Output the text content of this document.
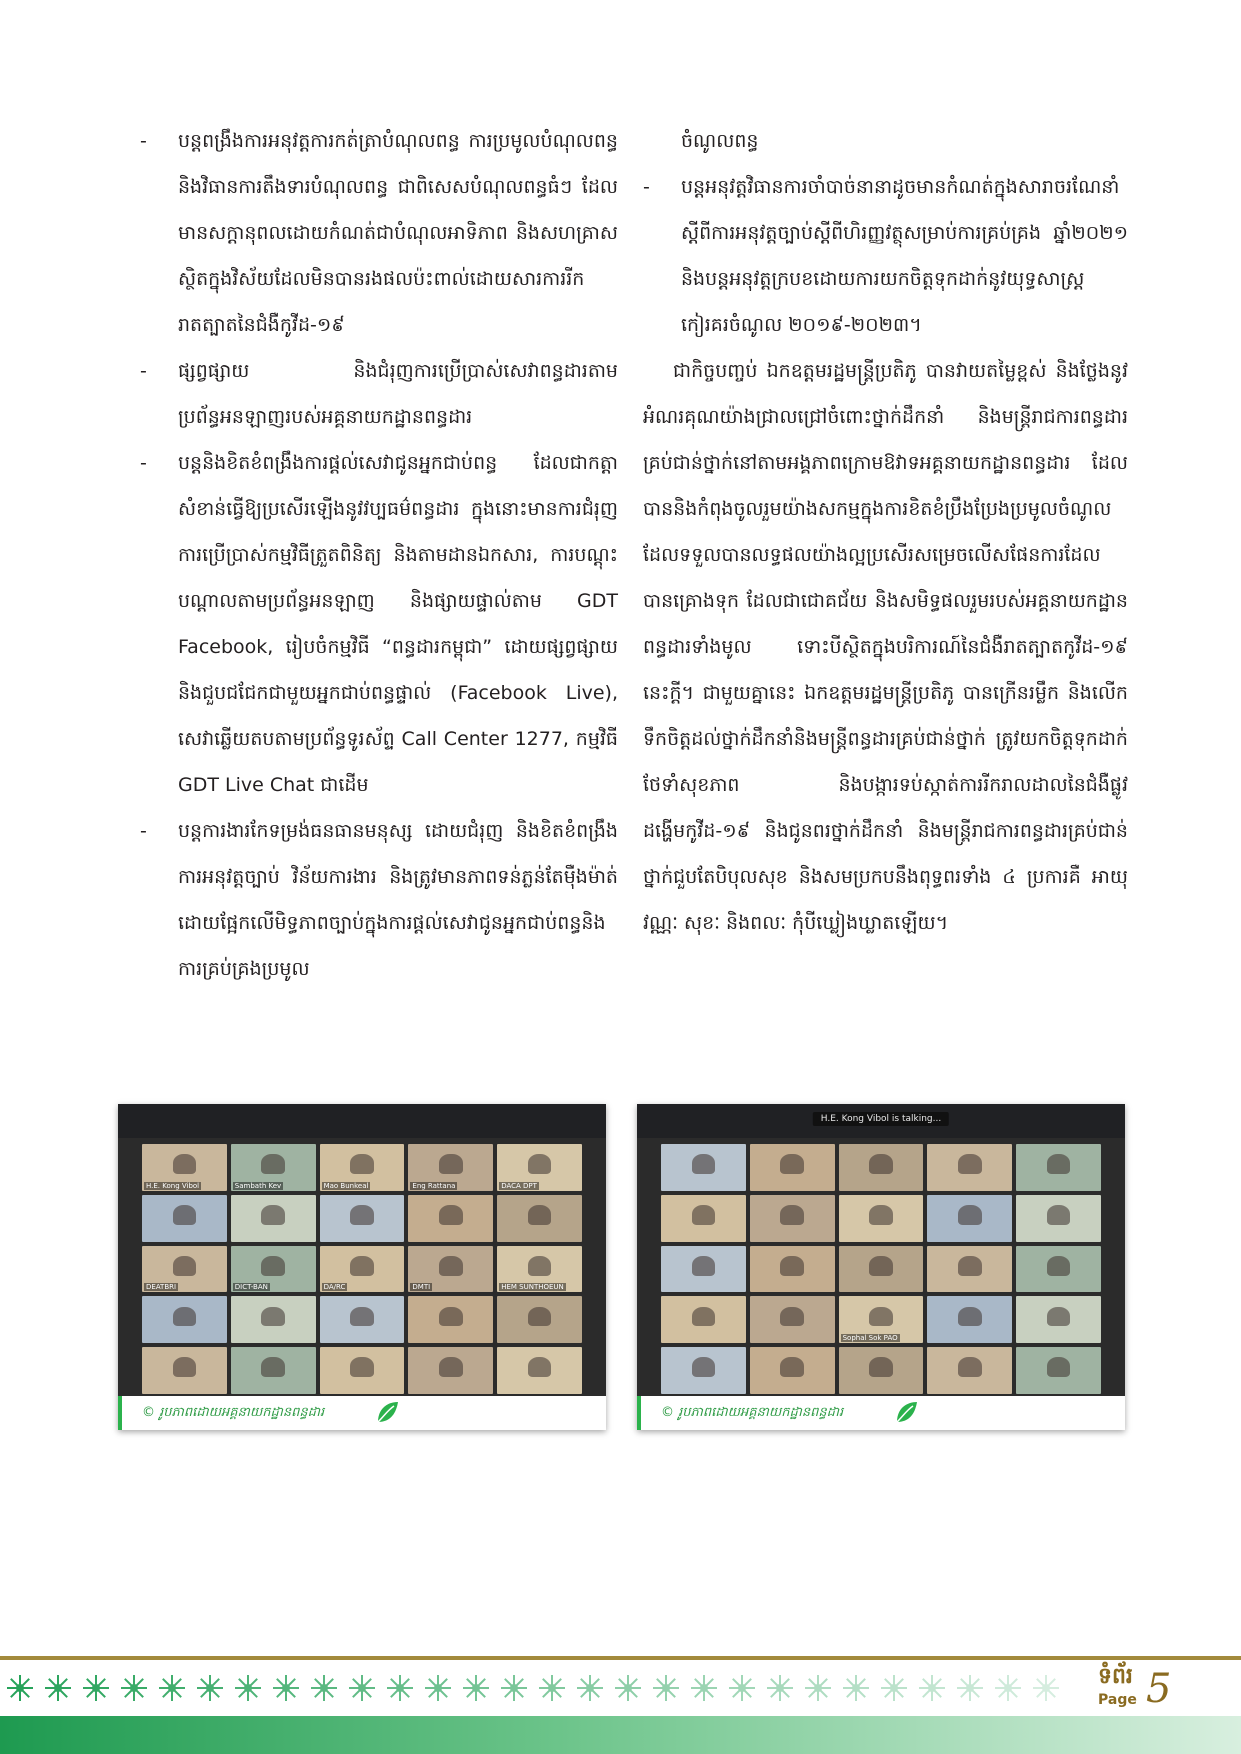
- បន្តពង្រឹងការអនុវត្តការកត់ត្រាបំណុលពន្ធ ការប្រមូលបំណុលពន្ធ និងវិធានការតឹងទារបំណុលពន្ធ ជាពិសេសបំណុលពន្ធធំៗ ដែលមានសក្តានុពលដោយកំណត់ជាបំណុលអាទិភាព និងសហគ្រាសស្ថិតក្នុងវិស័យដែលមិនបានរងផលប៉ះពាល់ដោយសារការរីករាតត្បាតនៃជំងឺកូវីដ-១៩
- ផ្សព្វផ្សាយ និងជំរុញការប្រើប្រាស់សេវាពន្ធដារតាមប្រព័ន្ធអនឡាញរបស់អគ្គនាយកដ្ឋានពន្ធដារ
- បន្តនិងខិតខំពង្រឹងការផ្តល់សេវាជូនអ្នកជាប់ពន្ធ ដែលជាកត្តាសំខាន់ធ្វើឱ្យប្រសើរឡើងនូវវប្បធម៌ពន្ធដារ ក្នុងនោះមានការជំរុញការប្រើប្រាស់កម្មវិធីត្រួតពិនិត្យ និងតាមដានឯកសារ, ការបណ្តុះបណ្តាលតាមប្រព័ន្ធអនឡាញ និងផ្សាយផ្ទាល់តាម GDT Facebook, រៀបចំកម្មវិធី “ពន្ធដារកម្ពុជា” ដោយផ្សព្វផ្សាយនិងជួបជជែកជាមួយអ្នកជាប់ពន្ធផ្ទាល់ (Facebook Live), សេវាឆ្លើយតបតាមប្រព័ន្ធទូរស័ព្ទ Call Center 1277, កម្មវិធី GDT Live Chat ជាដើម
- បន្តការងារកែទម្រង់ធនធានមនុស្ស ដោយជំរុញ និងខិតខំពង្រឹងការអនុវត្តច្បាប់ វិន័យការងារ និងត្រូវមានភាពទន់ភ្លន់តែម៉ឺងម៉ាត់ ដោយផ្អែកលើមិទ្ធភាពច្បាប់ក្នុងការផ្តល់សេវាជូនអ្នកជាប់ពន្ធនិងការគ្រប់គ្រងប្រមូល
ចំណូលពន្ធ
- បន្តអនុវត្តវិធានការចាំបាច់នានាដូចមានកំណត់ក្នុងសារាចរណែនាំស្តីពីការអនុវត្តច្បាប់ស្តីពីហិរញ្ញវត្ថុសម្រាប់ការគ្រប់គ្រង ឆ្នាំ២០២១ និងបន្តអនុវត្តក្របខដោយការយកចិត្តទុកដាក់នូវយុទ្ធសាស្ត្រកៀរគរចំណូល ២០១៩-២០២៣។

ជាកិច្ចបញ្ចប់ ឯកឧត្តមរដ្ឋមន្ត្រីប្រតិភូ បានវាយតម្លៃខ្ពស់ និងថ្លែងនូវអំណរគុណយ៉ាងជ្រាលជ្រៅចំពោះថ្នាក់ដឹកនាំ និងមន្ត្រីរាជការពន្ធដារគ្រប់ជាន់ថ្នាក់នៅតាមអង្គភាពក្រោមឱវាទអគ្គនាយកដ្ឋានពន្ធដារ ដែលបាននិងកំពុងចូលរួមយ៉ាងសកម្មក្នុងការខិតខំប្រឹងប្រែងប្រមូលចំណូល ដែលទទួលបានលទ្ធផលយ៉ាងល្អប្រសើរសម្រេចលើសផែនការដែលបានគ្រោងទុក ដែលជាជោគជ័យ និងសមិទ្ធផលរួមរបស់អគ្គនាយកដ្ឋានពន្ធដារទាំងមូល ទោះបីស្ថិតក្នុងបរិការណ៍នៃជំងឺរាតត្បាតកូវីដ-១៩ នេះក្តី។ ជាមួយគ្នានេះ ឯកឧត្តមរដ្ឋមន្ត្រីប្រតិភូ បានក្រើនរម្លឹក និងលើកទឹកចិត្តដល់ថ្នាក់ដឹកនាំនិងមន្ត្រីពន្ធដារគ្រប់ជាន់ថ្នាក់ ត្រូវយកចិត្តទុកដាក់ថែទាំសុខភាព និងបង្ការទប់ស្កាត់ការរីករាលដាលនៃជំងឺផ្លូវដង្ហើមកូវីដ-១៩ និងជូនពរថ្នាក់ដឹកនាំ និងមន្ត្រីរាជការពន្ធដារគ្រប់ជាន់ថ្នាក់ជួបតែបិបុលសុខ និងសមប្រកបនឹងពុទ្ធពរទាំង ៤ ប្រការគឺ អាយុ វណ្ណៈ សុខៈ និងពលៈ កុំបីឃ្លៀងឃ្លាតឡើយ។

H.E. Kong Vibol	Sambath Kev	Mao Bunkeal	Eng Rattana	DACA DPT
DEATBRI	DICT-BAN	DA/RC	DMTI	HEM SUNTHOEUN
© រូបភាពដោយអគ្គនាយកដ្ឋានពន្ធដារ
H.E. Kong Vibol is talking...
Sophal Sok PAO
© រូបភាពដោយអគ្គនាយកដ្ឋានពន្ធដារ
ទំព័រ
Page 5
